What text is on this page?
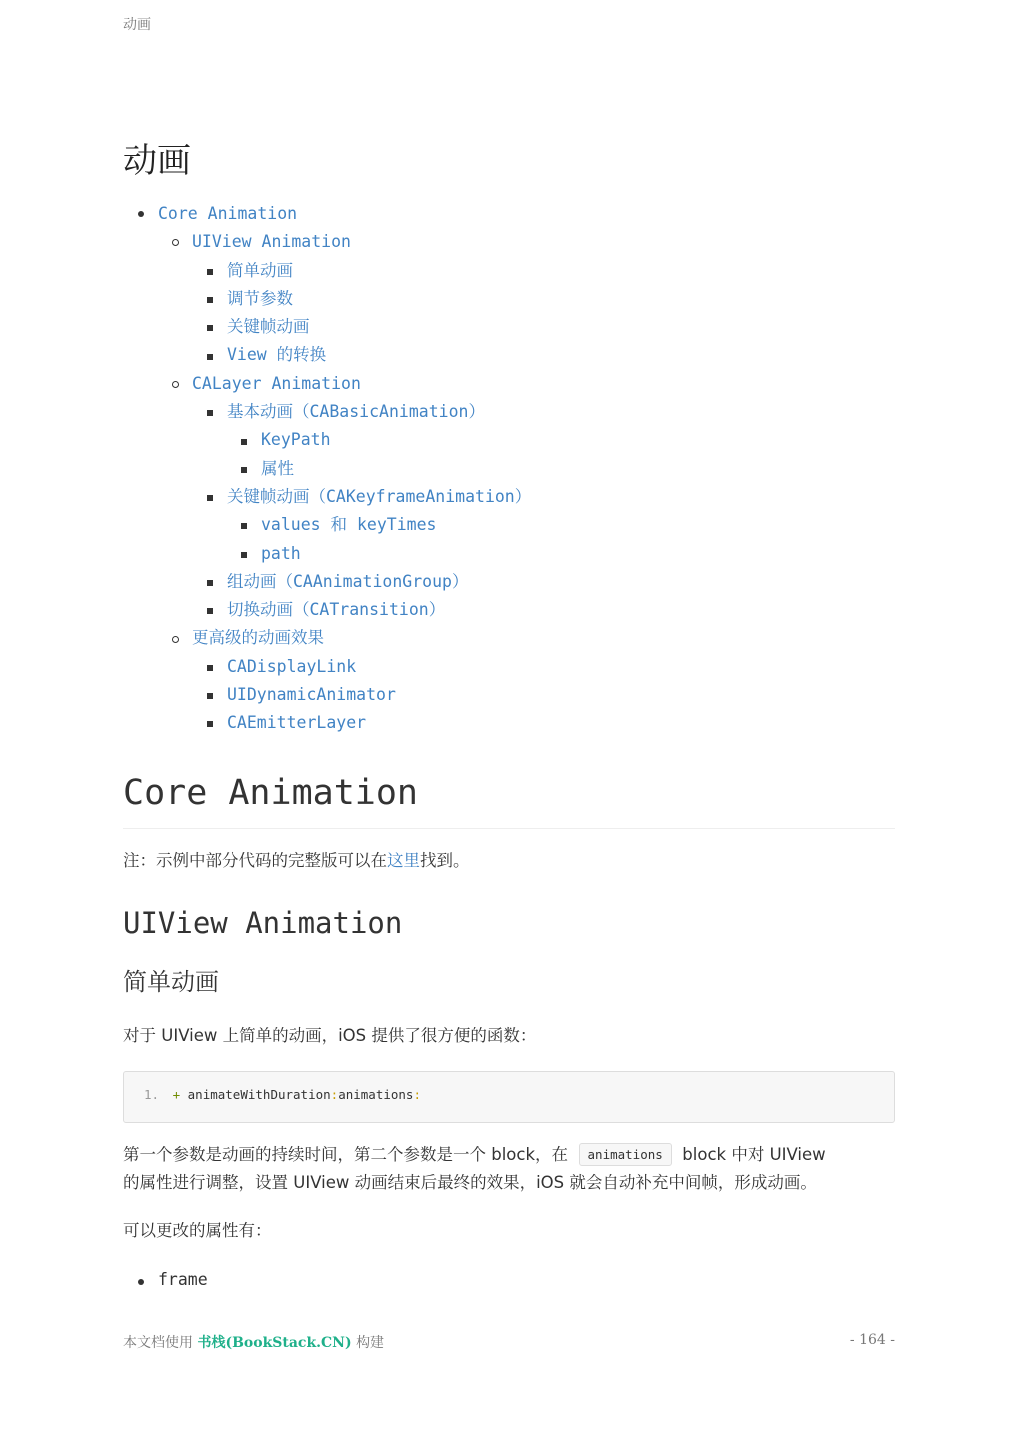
动画
动画
Core Animation
UIView Animation
简单动画
调节参数
关键帧动画
View 的转换
CALayer Animation
基本动画（CABasicAnimation）
KeyPath
属性
关键帧动画（CAKeyframeAnimation）
values 和 keyTimes
path
组动画（CAAnimationGroup）
切换动画（CATransition）
更高级的动画效果
CADisplayLink
UIDynamicAnimator
CAEmitterLayer
Core Animation

注：示例中部分代码的完整版可以在这里找到。

UIView Animation
简单动画

对于 UIView 上简单的动画，iOS 提供了很方便的函数：

1. + animateWithDuration:animations:

第一个参数是动画的持续时间，第二个参数是一个 block，在 animations block 中对 UIView

的属性进行调整，设置 UIView 动画结束后最终的效果，iOS 就会自动补充中间帧，形成动画。

可以更改的属性有：

frame

本文档使用 书栈(BookStack.CN) 构建	- 164 -
